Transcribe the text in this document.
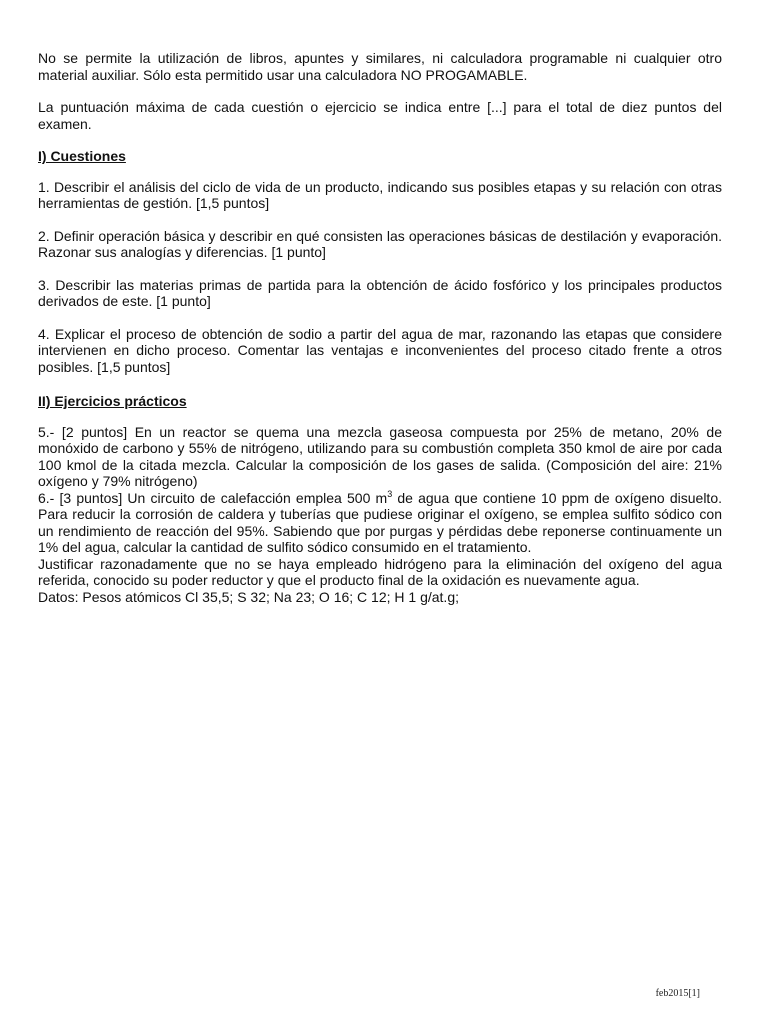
No se permite la utilización de libros, apuntes y similares, ni calculadora programable ni cualquier otro material auxiliar. Sólo esta permitido usar una calculadora NO PROGAMABLE.

La puntuación máxima de cada cuestión o ejercicio se indica entre [...] para el total de diez puntos del examen.

I) Cuestiones

1. Describir el análisis del ciclo de vida de un producto, indicando sus posibles etapas y su relación con otras herramientas de gestión. [1,5 puntos]

2. Definir operación básica y describir en qué consisten las operaciones básicas de destilación y evaporación. Razonar sus analogías y diferencias. [1 punto]

3. Describir las materias primas de partida para la obtención de ácido fosfórico y los principales productos derivados de este. [1 punto]

4. Explicar el proceso de obtención de sodio a partir del agua de mar, razonando las etapas que considere intervienen en dicho proceso. Comentar las ventajas e inconvenientes del proceso citado frente a otros posibles. [1,5 puntos]

II) Ejercicios prácticos

5.- [2 puntos] En un reactor se quema una mezcla gaseosa compuesta por 25% de metano, 20% de monóxido de carbono y 55% de nitrógeno, utilizando para su combustión completa 350 kmol de aire por cada 100 kmol de la citada mezcla. Calcular la composición de los gases de salida. (Composición del aire: 21% oxígeno y 79% nitrógeno)

6.- [3 puntos] Un circuito de calefacción emplea 500 $m^3$ de agua que contiene 10 ppm de oxígeno disuelto. Para reducir la corrosión de caldera y tuberías que pudiese originar el oxígeno, se emplea sulfito sódico con un rendimiento de reacción del 95%. Sabiendo que por purgas y pérdidas debe reponerse continuamente un 1% del agua, calcular la cantidad de sulfito sódico consumido en el tratamiento.

Justificar razonadamente que no se haya empleado hidrógeno para la eliminación del oxígeno del agua referida, conocido su poder reductor y que el producto final de la oxidación es nuevamente agua.

Datos: Pesos atómicos Cl 35,5; S 32; Na 23; O 16; C 12; H 1 g/at.g;

feb2015[1]
